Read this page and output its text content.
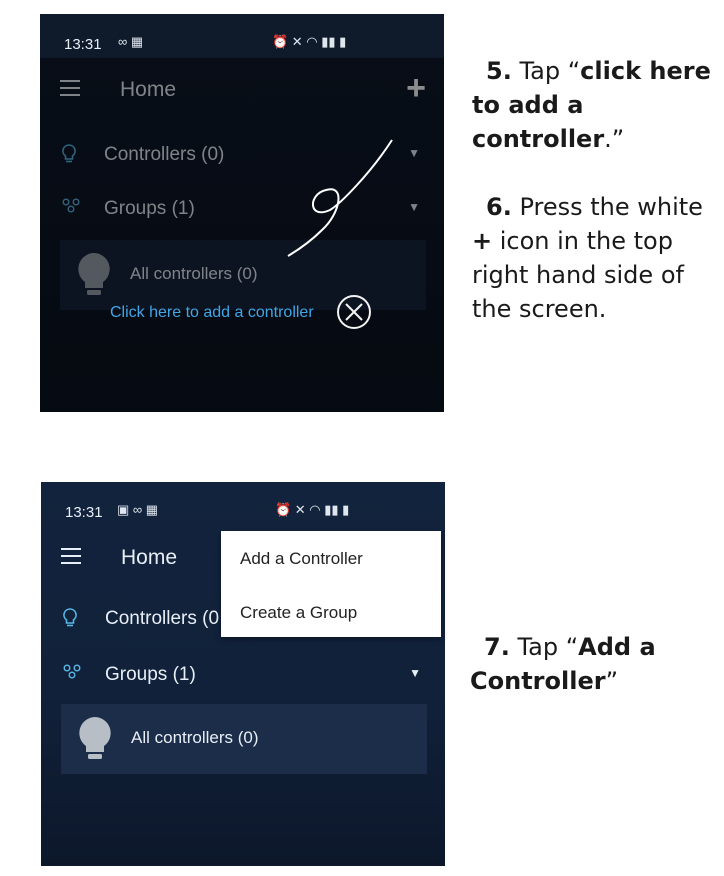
13:31 ∞ ▦	⏰ ✕ ◠ ▮▮ ▮
Home	+
Controllers (0)	▼
Groups (1)	▼
All controllers (0)
Click here to add a controller
13:31 ▣ ∞ ▦	⏰ ✕ ◠ ▮▮ ▮
Home
Controllers (0
Groups (1)	▼
All controllers (0)
Add a Controller
Create a Group
5. Tap “click here to add a controller.”
6. Press the white
+ icon in the top right hand side of the screen.
7. Tap “Add a Controller”
